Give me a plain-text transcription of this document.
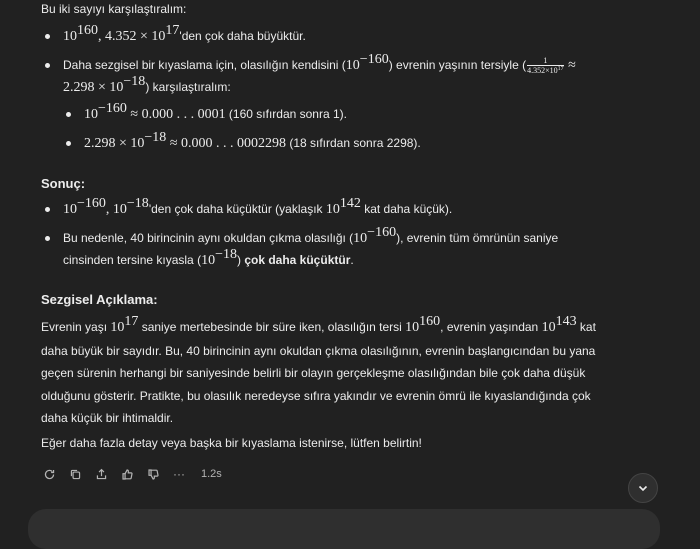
Bu iki sayıyı karşılaştıralım:

$10^{160}$, $4.352 \times 10^{17}'den$ çok daha büyüktür.
Daha sezgisel bir kıyaslama için, olasılığın kendisini $(10^{-160})$ evrenin yaşının tersiyle ( $\frac{1}{4.352\times 10^{17}}$ ≈
$2.298 \times 10^{-18}$) karşılaştıralım:
$10^{-160} \approx 0.000$ . . . 0001 (160 sıfırdan sonra 1).
$2.298 \times 10^{-18} \approx 0.000$ . . . 0002298 (18 sıfırdan sonra 2298).
Sonuç:
$10^{-160}$, $10^{-18}'den$ çok daha küçüktür (yaklaşık $10^{142}$ kat daha küçük).
Bu nedenle, 40 birincinin aynı okuldan çıkma olasılığı $(10^{-160})$, evrenin tüm ömrünün saniye
cinsinden tersine kıyasla $(10^{-18})$ çok daha küçüktür.
Sezgisel Açıklama:
Evrenin yaşı $10^{17}$ saniye mertebesinde bir süre iken, olasılığın tersi $10^{160}$, evrenin yaşından $10^{143}$ kat
daha büyük bir sayıdır. Bu, 40 birincinin aynı okuldan çıkma olasılığının, evrenin başlangıcından bu yana
geçen sürenin herhangi bir saniyesinde belirli bir olayın gerçekleşme olasılığından bile çok daha düşük
olduğunu gösterir. Pratikte, bu olasılık neredeyse sıfıra yakındır ve evrenin ömrü ile kıyaslandığında çok
daha küçük bir ihtimaldir.

Eğer daha fazla detay veya başka bir kıyaslama istenirse, lütfen belirtin!

··· 1.2s
